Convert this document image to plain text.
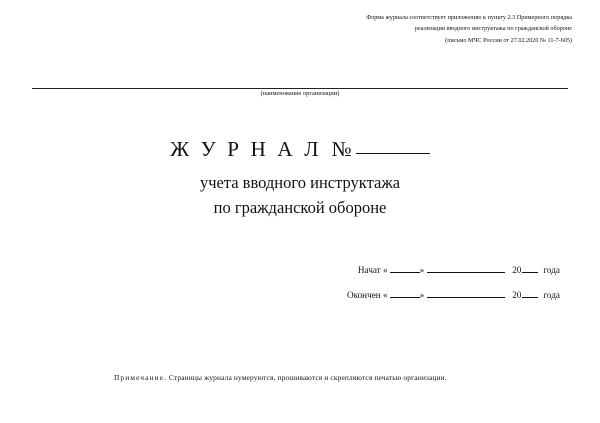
Форма журнала соответствует приложению к пункту 2.3 Примерного порядка
реализации вводного инструктажа по гражданской обороне
(письмо МЧС России от 27.02.2020 № 11-7-605)
(наименование организации)
Ж У Р Н А Л №
учета вводного инструктажа
по гражданской обороне
Начат «	»	20 года
Окончен «	»	20 года
Примечание. Страницы журнала нумеруются, прошиваются и скрепляются печатью организации.
